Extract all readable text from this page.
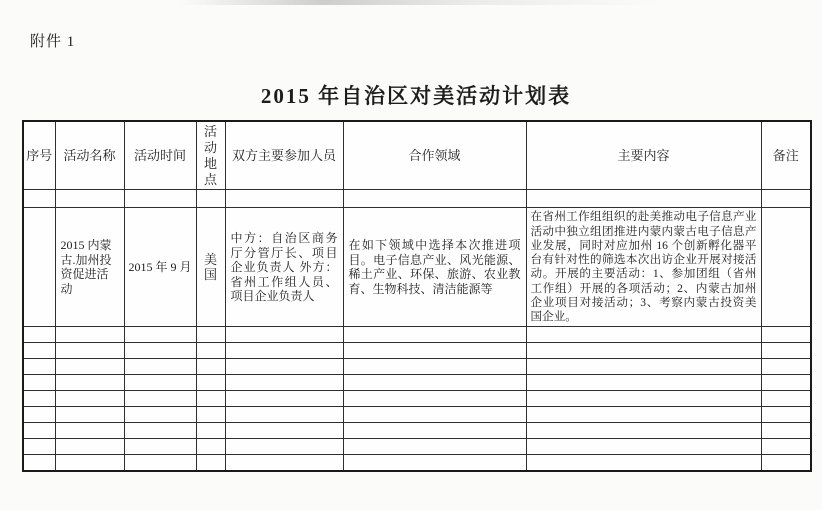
附件 1
2015 年自治区对美活动计划表
序号	活动名称	活动时间	活动地点	双方主要参加人员	合作领域	主要内容	备注

	2015 内蒙古.加州投资促进活动	2015 年 9 月	美国	中方：自治区商务厅分管厅长、项目企业负责人 外方：省州工作组人员、项目企业负责人	在如下领域中选择本次推进项目。电子信息产业、风光能源、稀土产业、环保、旅游、农业教育、生物科技、清洁能源等	在省州工作组组织的赴美推动电子信息产业活动中独立组团推进内蒙内蒙古电子信息产业发展，同时对应加州 16 个创新孵化器平台有针对性的筛选本次出访企业开展对接活动。开展的主要活动：1、参加团组（省州工作组）开展的各项活动；2、内蒙古加州企业项目对接活动；3、考察内蒙古投资美国企业。	
